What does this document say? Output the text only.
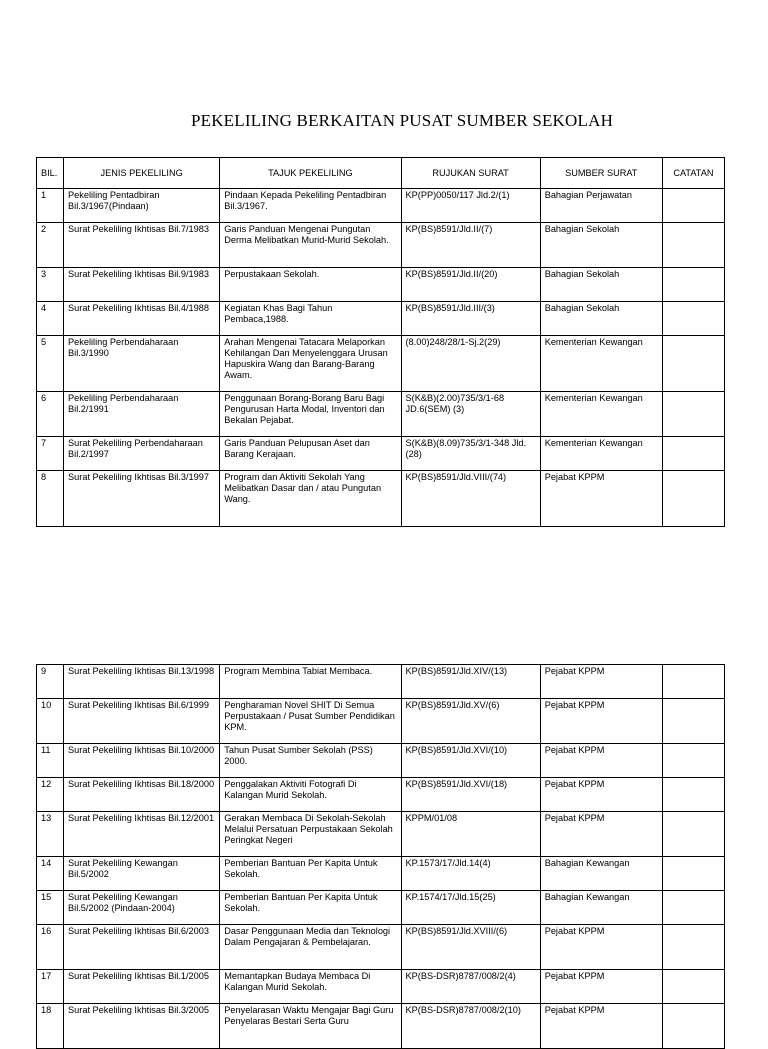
PEKELILING BERKAITAN PUSAT SUMBER SEKOLAH
BIL.	JENIS PEKELILING	TAJUK PEKELILING	RUJUKAN SURAT	SUMBER SURAT	CATATAN
1	Pekeliling Pentadbiran Bil.3/1967(Pindaan)	Pindaan Kepada Pekeliling Pentadbiran Bil.3/1967.	KP(PP)0050/117 Jld.2/(1)	Bahagian Perjawatan	
2	Surat Pekeliling Ikhtisas Bil.7/1983	Garis Panduan Mengenai Pungutan Derma Melibatkan Murid-Murid Sekolah.	KP(BS)8591/Jld.II/(7)	Bahagian Sekolah	
3	Surat Pekeliling Ikhtisas Bil.9/1983	Perpustakaan Sekolah.	KP(BS)8591/Jld.II/(20)	Bahagian Sekolah	
4	Surat Pekeliling Ikhtisas Bil.4/1988	Kegiatan Khas Bagi Tahun Pembaca,1988.	KP(BS)8591/Jld.III/(3)	Bahagian Sekolah	
5	Pekeliling Perbendaharaan Bil.3/1990	Arahan Mengenai Tatacara Melaporkan Kehilangan Dan Menyelenggara Urusan Hapuskira Wang dan Barang-Barang Awam.	(8.00)248/28/1-Sj.2(29)	Kementerian Kewangan	
6	Pekeliling Perbendaharaan Bil.2/1991	Penggunaan Borang-Borang Baru Bagi Pengurusan Harta Modal, Inventori dan Bekalan Pejabat.	S(K&B)(2.00)735/3/1-68 JD.6(SEM) (3)	Kementerian Kewangan	
7	Surat Pekeliling Perbendaharaan Bil.2/1997	Garis Panduan Pelupusan Aset dan Barang Kerajaan.	S(K&B)(8.09)735/3/1-348 Jld.(28)	Kementerian Kewangan	
8	Surat Pekeliling Ikhtisas Bil.3/1997	Program dan Aktiviti Sekolah Yang Melibatkan Dasar dan / atau Pungutan Wang.	KP(BS)8591/Jld.VIII/(74)	Pejabat KPPM	
9	Surat Pekeliling Ikhtisas Bil.13/1998	Program Membina Tabiat Membaca.	KP(BS)8591/Jld.XIV/(13)	Pejabat KPPM	
10	Surat Pekeliling Ikhtisas Bil.6/1999	Pengharaman Novel SHIT Di Semua Perpustakaan / Pusat Sumber Pendidikan KPM.	KP(BS)8591/Jld.XV/(6)	Pejabat KPPM	
11	Surat Pekeliling Ikhtisas Bil.10/2000	Tahun Pusat Sumber Sekolah (PSS) 2000.	KP(BS)8591/Jld.XVI/(10)	Pejabat KPPM	
12	Surat Pekeliling Ikhtisas Bil.18/2000	Penggalakan Aktiviti Fotografi Di Kalangan Murid Sekolah.	KP(BS)8591/Jld.XVI/(18)	Pejabat KPPM	
13	Surat Pekeliling Ikhtisas Bil.12/2001	Gerakan Membaca Di Sekolah-Sekolah Melalui Persatuan Perpustakaan Sekolah Peringkat Negeri	KPPM/01/08	Pejabat KPPM	
14	Surat Pekeliling Kewangan Bil.5/2002	Pemberian Bantuan Per Kapita Untuk Sekolah.	KP.1573/17/Jld.14(4)	Bahagian Kewangan	
15	Surat Pekeliling Kewangan Bil.5/2002 (Pindaan-2004)	Pemberian Bantuan Per Kapita Untuk Sekolah.	KP.1574/17/Jld.15(25)	Bahagian Kewangan	
16	Surat Pekeliling Ikhtisas Bil.6/2003	Dasar Penggunaan Media dan Teknologi Dalam Pengajaran & Pembelajaran.	KP(BS)8591/Jld.XVIII/(6)	Pejabat KPPM	
17	Surat Pekeliling Ikhtisas Bil.1/2005	Memantapkan Budaya Membaca Di Kalangan Murid Sekolah.	KP(BS-DSR)8787/008/2(4)	Pejabat KPPM	
18	Surat Pekeliling Ikhtisas Bil.3/2005	Penyelarasan Waktu Mengajar Bagi Guru Penyelaras Bestari Serta Guru	KP(BS-DSR)8787/008/2(10)	Pejabat KPPM	
